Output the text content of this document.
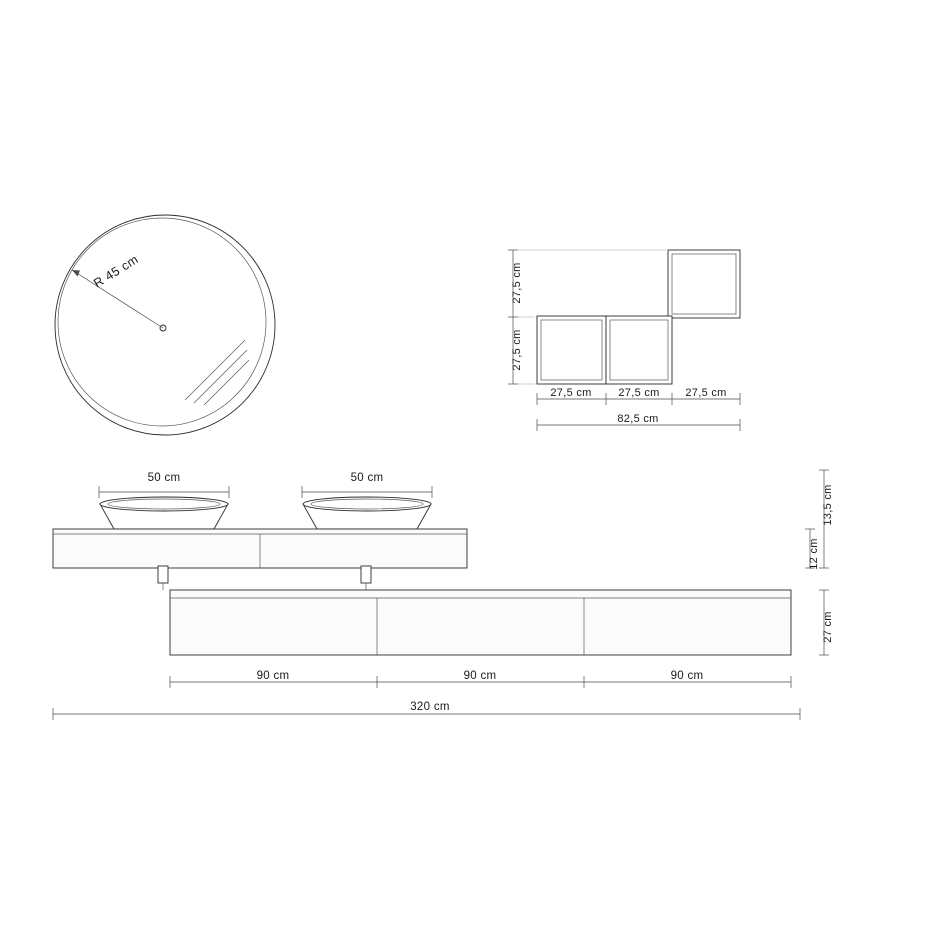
R 45 cm	27,5 cm
27,5 cm
27,5 cm 27,5 cm 27,5 cm
82,5 cm
50 cm	50 cm
13,5 cm
12 cm
27 cm
90 cm	90 cm	90 cm
320 cm
